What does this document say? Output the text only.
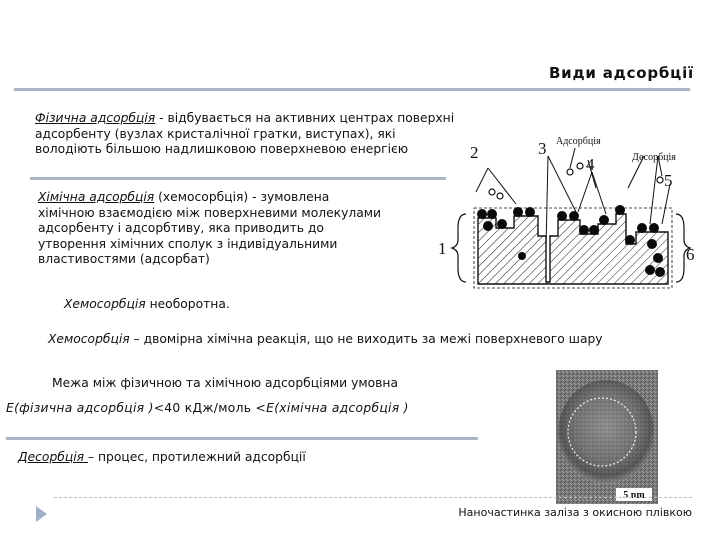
Види адсорбції
Фізична адсорбція - відбувається на активних центрах поверхні адсорбенту (вузлах кристалічної гратки, виступах), які володіють більшою надлишковою поверхневою енергією
Хімічна адсорбція (хемосорбція) - зумовлена хімічною взаємодією між поверхневими молекулами адсорбенту і адсорбтиву, яка приводить до утворення хімічних сполук з індивідуальними властивостями (адсорбат)
Хемосорбція необоротна.
Хемосорбція – двомірна хімічна реакція, що не виходить за межі поверхневого шару
Межа між фізичною та хімічною адсорбціями умовна
E(фізична адсорбція )<40 кДж/моль <E(хімічна адсорбція )
Десорбція – процес, протилежний адсорбції
2	3 Адсорбція
4	Десорбція
5
1	6
5 nm
Наночастинка заліза з окисною плівкою
